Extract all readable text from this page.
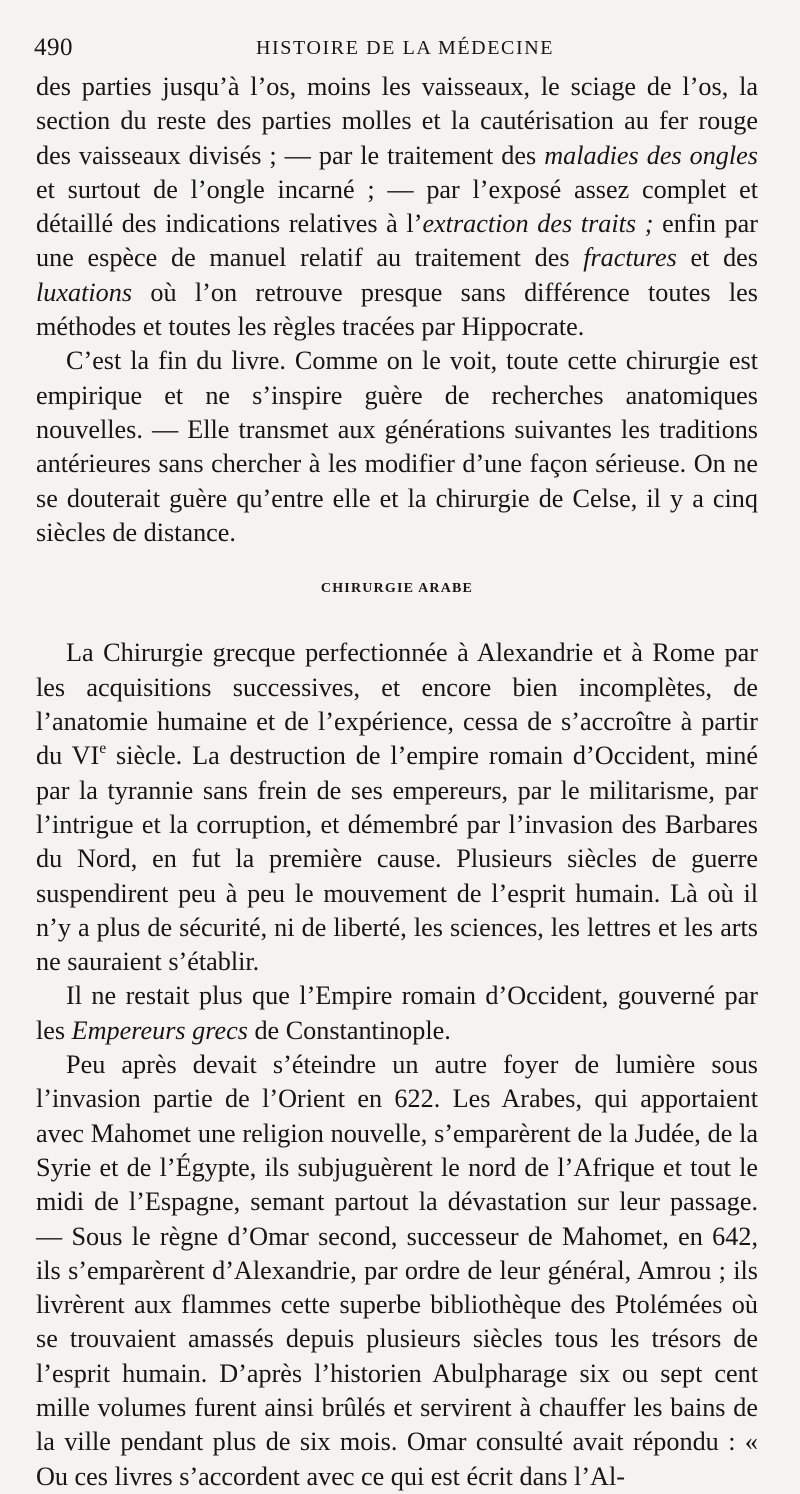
490	HISTOIRE DE LA MÉDECINE

des parties jusqu’à l’os, moins les vaisseaux, le sciage de l’os, la section du reste des parties molles et la cautérisation au fer rouge des vaisseaux divisés ; — par le traitement des maladies des ongles et surtout de l’ongle incarné ; — par l’exposé assez complet et détaillé des indications relatives à l’extraction des traits ; enfin par une espèce de manuel relatif au traitement des fractures et des luxations où l’on retrouve presque sans différence toutes les méthodes et toutes les règles tracées par Hippocrate.

C’est la fin du livre. Comme on le voit, toute cette chirurgie est empirique et ne s’inspire guère de recherches anatomiques nouvelles. — Elle transmet aux générations suivantes les traditions antérieures sans chercher à les modifier d’une façon sérieuse. On ne se douterait guère qu’entre elle et la chirurgie de Celse, il y a cinq siècles de distance.

CHIRURGIE ARABE

La Chirurgie grecque perfectionnée à Alexandrie et à Rome par les acquisitions successives, et encore bien incomplètes, de l’anatomie humaine et de l’expérience, cessa de s’accroître à partir du VIe siècle. La destruction de l’empire romain d’Occident, miné par la tyrannie sans frein de ses empereurs, par le militarisme, par l’intrigue et la corruption, et démembré par l’invasion des Barbares du Nord, en fut la première cause. Plusieurs siècles de guerre suspendirent peu à peu le mouvement de l’esprit humain. Là où il n’y a plus de sécurité, ni de liberté, les sciences, les lettres et les arts ne sauraient s’établir.

Il ne restait plus que l’Empire romain d’Occident, gouverné par les Empereurs grecs de Constantinople.

Peu après devait s’éteindre un autre foyer de lumière sous l’invasion partie de l’Orient en 622. Les Arabes, qui apportaient avec Mahomet une religion nouvelle, s’emparèrent de la Judée, de la Syrie et de l’Égypte, ils subjuguèrent le nord de l’Afrique et tout le midi de l’Espagne, semant partout la dévastation sur leur passage. — Sous le règne d’Omar second, successeur de Mahomet, en 642, ils s’emparèrent d’Alexandrie, par ordre de leur général, Amrou ; ils livrèrent aux flammes cette superbe bibliothèque des Ptolémées où se trouvaient amassés depuis plusieurs siècles tous les trésors de l’esprit humain. D’après l’historien Abulpharage six ou sept cent mille volumes furent ainsi brûlés et servirent à chauffer les bains de la ville pendant plus de six mois. Omar consulté avait répondu : « Ou ces livres s’accordent avec ce qui est écrit dans l’Al-
